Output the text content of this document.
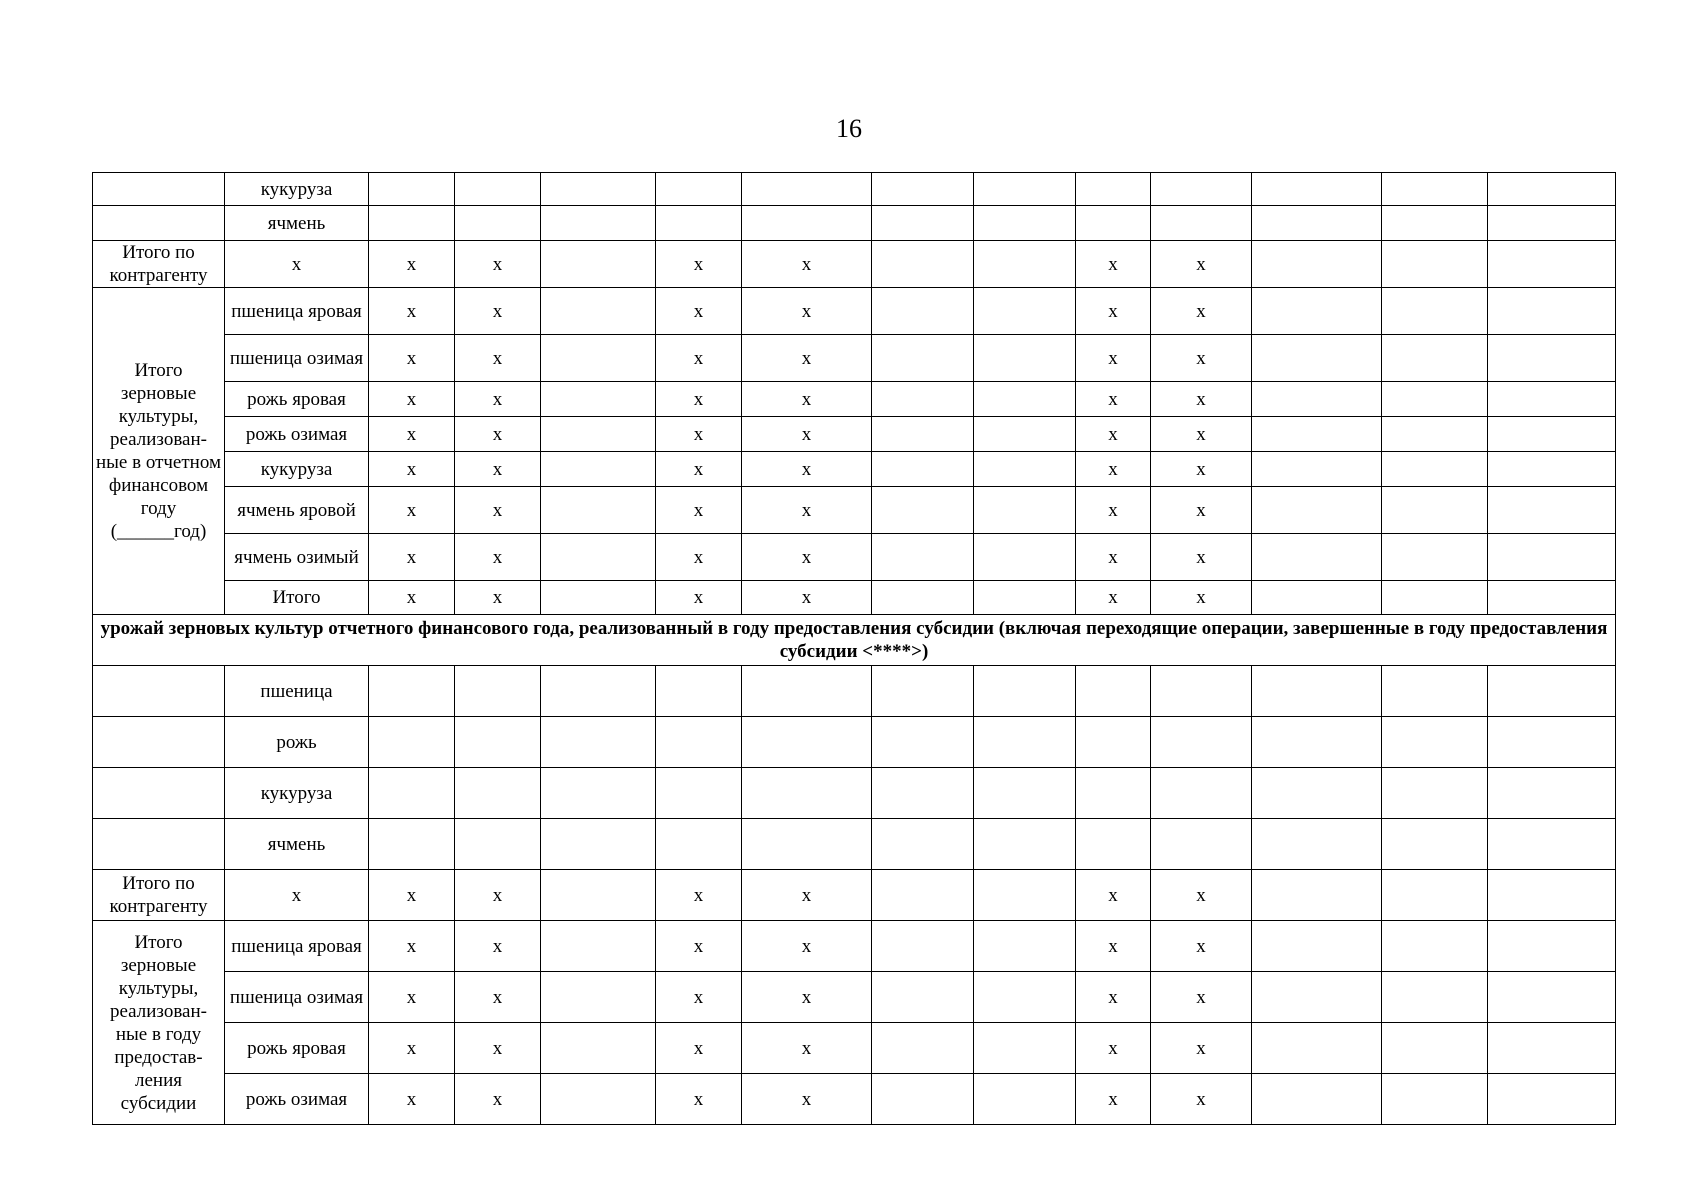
16
	кукуруза												
	ячмень												
Итого по контрагенту	х	х	х		х	х			х	х			
Итого зерновые культуры, реализован-ные в отчетном финансовом году (______год)	пшеница яровая	х	х		х	х			х	х			
	пшеница озимая	х	х		х	х			х	х			
	рожь яровая	х	х		х	х			х	х			
	рожь озимая	х	х		х	х			х	х			
	кукуруза	х	х		х	х			х	х			
	ячмень яровой	х	х		х	х			х	х			
	ячмень озимый	х	х		х	х			х	х			
	Итого	х	х		х	х			х	х			
урожай зерновых культур отчетного финансового года, реализованный в году предоставления субсидии (включая переходящие операции, завершенные в году предоставления субсидии <****>)													
	пшеница												
	рожь												
	кукуруза												
	ячмень												
Итого по контрагенту	х	х	х		х	х			х	х			
Итого зерновые культуры, реализован-ные в году предостав-ления субсидии	пшеница яровая	х	х		х	х			х	х			
	пшеница озимая	х	х		х	х			х	х			
	рожь яровая	х	х		х	х			х	х			
	рожь озимая	х	х		х	х			х	х			
